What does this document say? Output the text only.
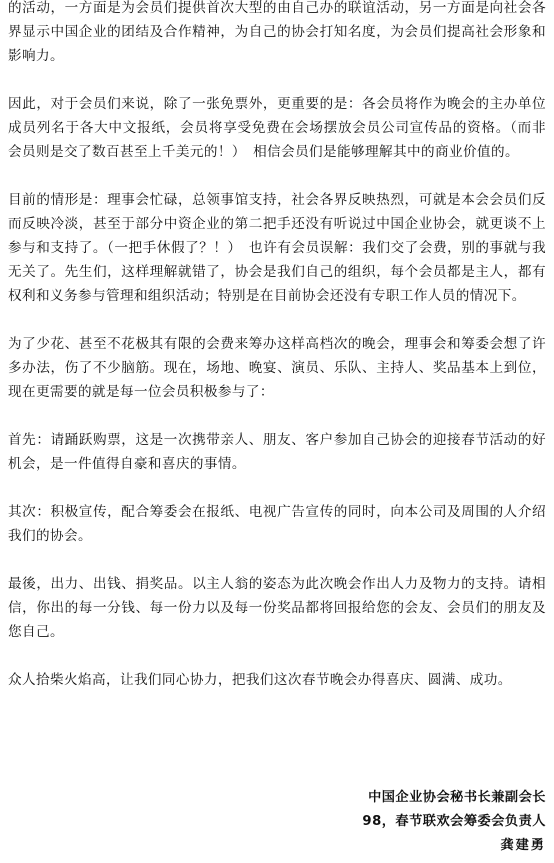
的活动，一方面是为会员们提供首次大型的由自己办的联谊活动，另一方面是向社会各界显示中国企业的团结及合作精神，为自己的协会打知名度，为会员们提高社会形象和影响力。

因此，对于会员们来说，除了一张免票外，更重要的是：各会员将作为晚会的主办单位成员列名于各大中文报纸，会员将享受免费在会场摆放会员公司宣传品的资格。（而非会员则是交了数百甚至上千美元的！）　相信会员们是能够理解其中的商业价值的。

目前的情形是：理事会忙碌，总领事馆支持，社会各界反映热烈，可就是本会会员们反而反映冷淡，甚至于部分中资企业的第二把手还没有听说过中国企业协会，就更谈不上参与和支持了。（一把手休假了？！）　也许有会员误解：我们交了会费，别的事就与我无关了。先生们，这样理解就错了，协会是我们自己的组织，每个会员都是主人，都有权利和义务参与管理和组织活动；特别是在目前协会还没有专职工作人员的情况下。

为了少花、甚至不花极其有限的会费来筹办这样高档次的晚会，理事会和筹委会想了许多办法，伤了不少脑筋。现在，场地、晚宴、演员、乐队、主持人、奖品基本上到位，现在更需要的就是每一位会员积极参与了：

首先：请踊跃购票，这是一次携带亲人、朋友、客户参加自己协会的迎接春节活动的好机会，是一件值得自豪和喜庆的事情。

其次：积极宣传，配合筹委会在报纸、电视广告宣传的同时，向本公司及周围的人介绍我们的协会。

最後，出力、出钱、捐奖品。以主人翁的姿态为此次晚会作出人力及物力的支持。请相信，你出的每一分钱、每一份力以及每一份奖品都将回报给您的会友、会员们的朋友及您自己。

众人拾柴火焰高，让我们同心协力，把我们这次春节晚会办得喜庆、圆满、成功。

中国企业协会秘书长兼副会长
98，春节联欢会筹委会负责人
龚建勇
